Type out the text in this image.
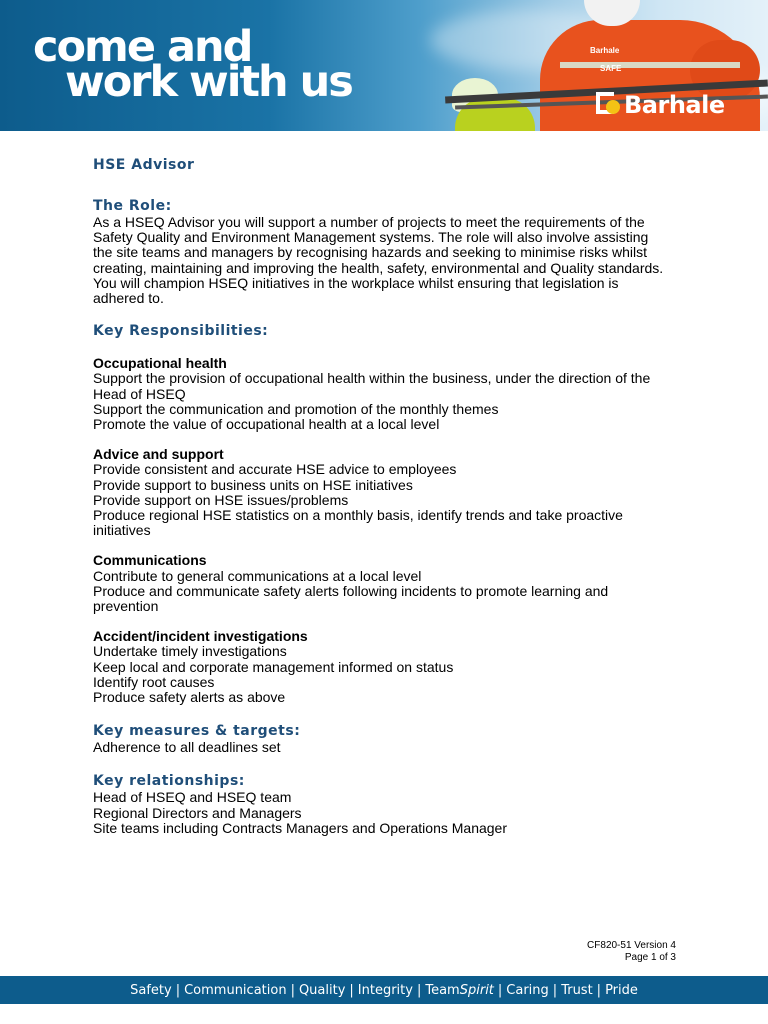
Barhale
SAFE
come and
work with us	Barhale
HSE Advisor
The Role:

As a HSEQ Advisor you will support a number of projects to meet the requirements of the

Safety Quality and Environment Management systems. The role will also involve assisting

the site teams and managers by recognising hazards and seeking to minimise risks whilst

creating, maintaining and improving the health, safety, environmental and Quality standards.

You will champion HSEQ initiatives in the workplace whilst ensuring that legislation is

adhered to.

Key Responsibilities:

Occupational health

Support the provision of occupational health within the business, under the direction of the

Head of HSEQ

Support the communication and promotion of the monthly themes

Promote the value of occupational health at a local level

Advice and support

Provide consistent and accurate HSE advice to employees

Provide support to business units on HSE initiatives

Provide support on HSE issues/problems

Produce regional HSE statistics on a monthly basis, identify trends and take proactive

initiatives

Communications

Contribute to general communications at a local level

Produce and communicate safety alerts following incidents to promote learning and

prevention

Accident/incident investigations

Undertake timely investigations

Keep local and corporate management informed on status

Identify root causes

Produce safety alerts as above

Key measures & targets:

Adherence to all deadlines set

Key relationships:

Head of HSEQ and HSEQ team

Regional Directors and Managers

Site teams including Contracts Managers and Operations Manager

CF820-51 Version 4
Page 1 of 3
Safety | Communication | Quality | Integrity | TeamSpirit | Caring | Trust | Pride
